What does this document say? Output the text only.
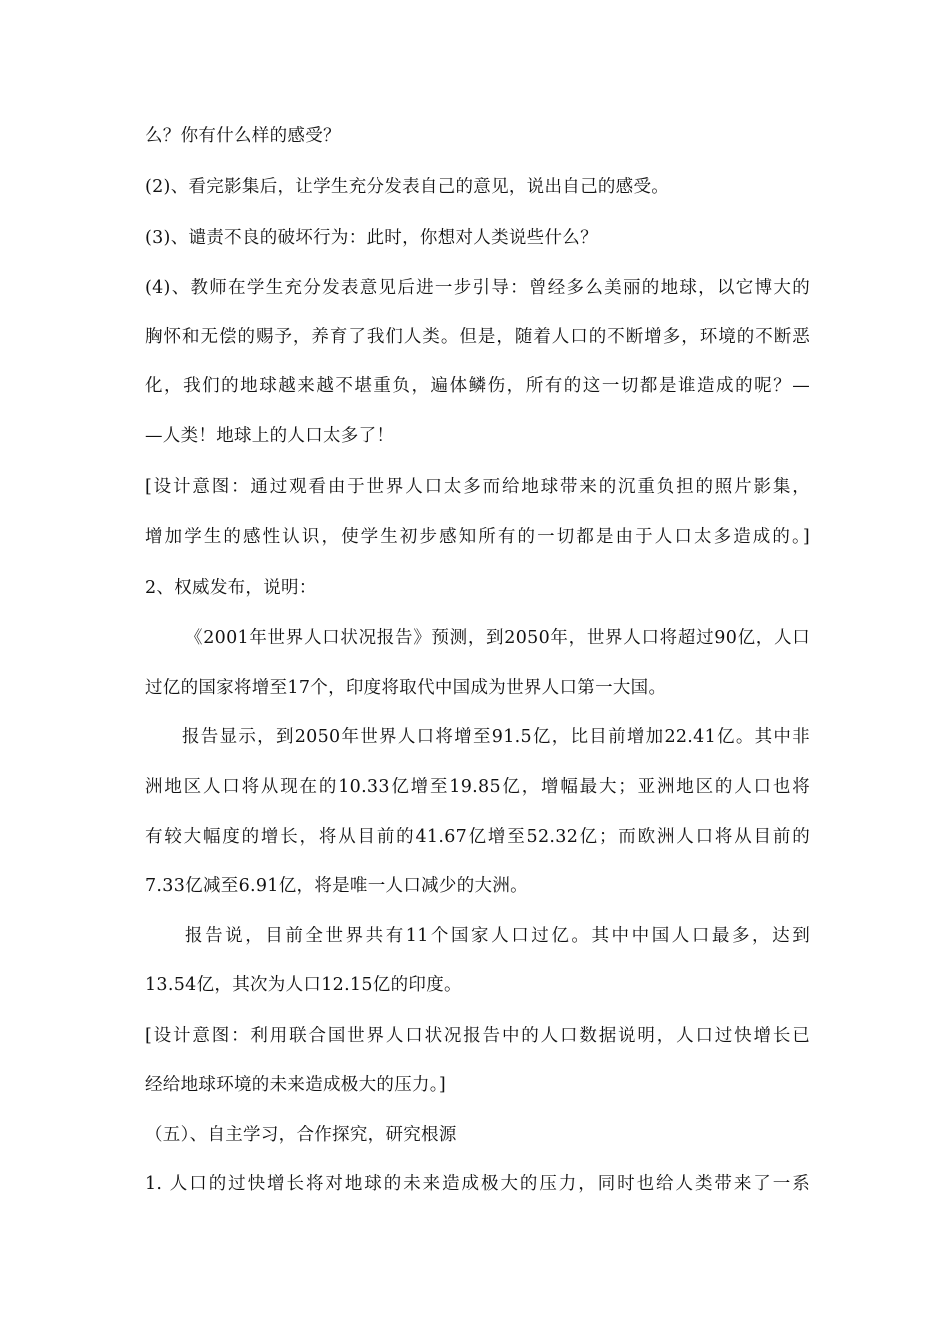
么？你有什么样的感受？
(2)、看完影集后，让学生充分发表自己的意见，说出自己的感受。
(3)、谴责不良的破坏行为：此时，你想对人类说些什么？
(4)、教师在学生充分发表意见后进一步引导：曾经多么美丽的地球，以它博大的
胸怀和无偿的赐予，养育了我们人类。但是，随着人口的不断增多，环境的不断恶
化，我们的地球越来越不堪重负，遍体鳞伤，所有的这一切都是谁造成的呢？—
—人类！地球上的人口太多了！
[设计意图：通过观看由于世界人口太多而给地球带来的沉重负担的照片影集，
增加学生的感性认识，使学生初步感知所有的一切都是由于人口太多造成的。]
2、权威发布，说明：
《2001年世界人口状况报告》预测，到2050年，世界人口将超过90亿，人口
过亿的国家将增至17个，印度将取代中国成为世界人口第一大国。
报告显示，到2050年世界人口将增至91.5亿，比目前增加22.41亿。其中非
洲地区人口将从现在的10.33亿增至19.85亿，增幅最大；亚洲地区的人口也将
有较大幅度的增长，将从目前的41.67亿增至52.32亿；而欧洲人口将从目前的
7.33亿减至6.91亿，将是唯一人口减少的大洲。
报告说，目前全世界共有11个国家人口过亿。其中中国人口最多，达到
13.54亿，其次为人口12.15亿的印度。
[设计意图：利用联合国世界人口状况报告中的人口数据说明，人口过快增长已
经给地球环境的未来造成极大的压力。]
（五）、自主学习，合作探究，研究根源
1. 人口的过快增长将对地球的未来造成极大的压力，同时也给人类带来了一系
